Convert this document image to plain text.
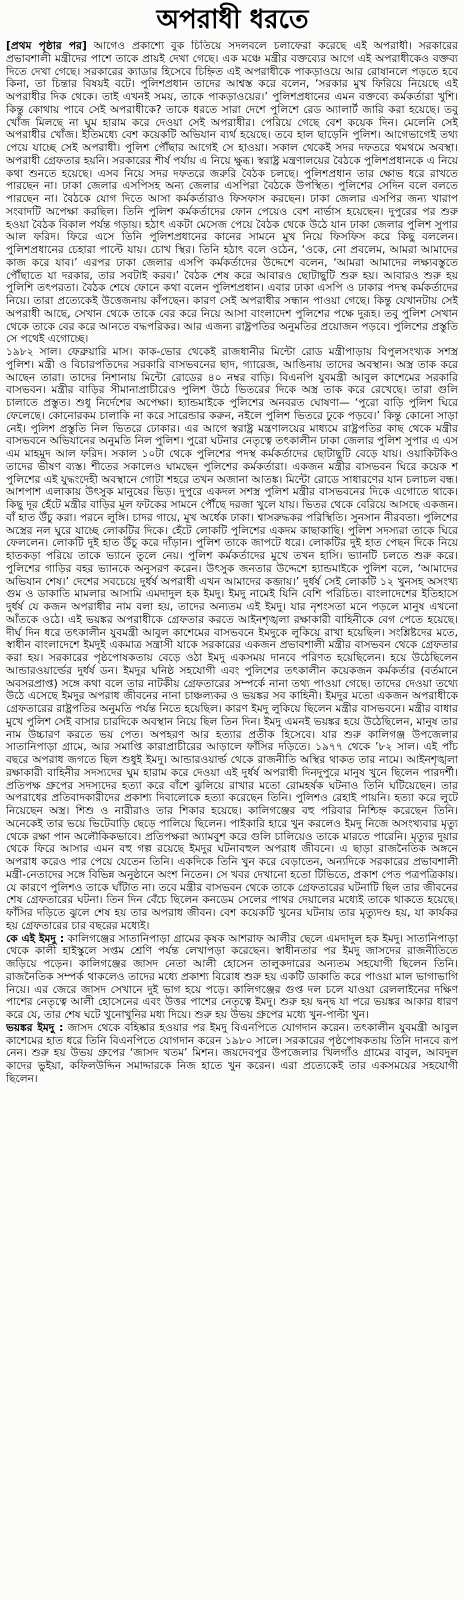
অপরাধী ধরতে

[প্রথম পৃষ্ঠার পর] আগেও প্রকাশ্যে বুক চিতিয়ে সদলবলে চলাফেরা করেছে এই অপরাধী। সরকারের প্রভাবশালী মন্ত্রীদের পাশে তাকে প্রায়ই দেখা গেছে। এক মঞ্চে মন্ত্রীর বক্তব্যের আগে এই অপরাধীকেও বক্তব্য দিতে দেখা গেছে। সরকারের ক্যাডার হিসেবে চিহ্নিত এই অপরাধীকে পাকড়াওয়ে আর রোষানলে পড়তে হবে কিনা, তা চিন্তার বিষয়ই বটে। পুলিশপ্রধান তাদের আশ্বস্ত করে বলেন, ‘সরকার মুখ ফিরিয়ে নিয়েছে এই অপরাধীর দিক থেকে। তাই এখনই সময়, তাকে পাকড়াওয়ের।’ পুলিশপ্রধানের এমন বক্তব্যে কর্মকর্তারা খুশি। কিন্তু কোথায় পাবে সেই অপরাধীকে? তাকে ধরতে সারা দেশে পুলিশে রেড অ্যালার্ট জারি করা হয়েছে। তবু খোঁজ মিলছে না ঘুম হারাম করে দেওয়া সেই অপরাধীর। পেরিয়ে গেছে বেশ কয়েক দিন। মেলেনি সেই অপরাধীর খোঁজ। ইতিমধ্যে বেশ কয়েকটি অভিযান ব্যর্থ হয়েছে। তবে হাল ছাড়েনি পুলিশ। আগেভাগেই তথ্য পেয়ে যাচ্ছে সেই অপরাধী। পুলিশ পৌঁছার আগেই সে হাওয়া। সকাল থেকেই সদর দফতরে থমথমে অবস্থা। অপরাধী গ্রেফতার হয়নি। সরকারের শীর্ষ পর্যায় এ নিয়ে ক্ষুব্ধ। স্বরাষ্ট্র মন্ত্রণালয়ের বৈঠকে পুলিশপ্রধানকে এ নিয়ে কথা শুনতে হয়েছে। এসব নিয়ে সদর দফতরে জরুরি বৈঠক চলছে। পুলিশপ্রধান তার ক্ষোভ ধরে রাখতে পারছেন না। ঢাকা জেলার এসপিসহ অন্য জেলার এসপিরা বৈঠকে উপস্থিত। পুলিশের সেদিন বলে বলতে পারছেন না। বৈঠকে যোগ দিতে আসা কর্মকর্তারাও ফিসফাস করছেন। ঢাকা জেলার এসপির জন্য খারাপ সংবাদটি অপেক্ষা করছিল। তিনি পুলিশ কর্মকর্তাদের ফোন পেয়েও বেশ নার্ভাস হয়েছেন। দুপুরের পর শুরু হওয়া বৈঠক বিকাল পর্যন্ত গড়ায়। হঠাৎ একটা মেসেজ পেয়ে বৈঠক থেকে উঠে যান ঢাকা জেলার পুলিশ সুপার আল ফরিদ। ফিরে এসে তিনি পুলিশপ্রধানের কানের সামনে মুখ নিয়ে ফিসফিস করে কিছু বললেন। পুলিশপ্রধানের চেহারা পাল্টে যায়। চোখ স্থির। তিনি হঠাৎ বলে ওঠেন, ‘ওকে, নো প্রবলেম, আমরা আমাদের কাজ করে যাব।’ এরপর ঢাকা জেলার এসপি কর্মকর্তাদের উদ্দেশে বলেন, ‘আমরা আমাদের লক্ষ্যবস্তুতে পৌঁছাতে যা দরকার, তার সবটাই করব।’ বৈঠক শেষ করে আবারও ছোটাছুটি শুরু হয়। আবারও শুরু হয় পুলিশি তৎপরতা। বৈঠক শেষে ফোনে কথা বলেন পুলিশপ্রধান। এবার ঢাকা এসপি ও ঢাকার পদস্থ কর্মকর্তাদের নিয়ে। তারা প্রত্যেকেই উত্তেজনায় কাঁপছেন। কারণ সেই অপরাধীর সন্ধান পাওয়া গেছে। কিন্তু যেখানটায় সেই অপরাধী আছে, সেখান থেকে তাকে বের করে নিয়ে আসা বাংলাদেশ পুলিশের পক্ষে দুরূহ। তবু পুলিশ সেখান থেকে তাকে বের করে আনতে বদ্ধপরিকর। আর এজন্য রাষ্ট্রপতির অনুমতির প্রয়োজন পড়বে। পুলিশের প্রস্তুতি সে পথেই এগোচ্ছে।

১৯৮২ সাল। ফেব্রুয়ারি মাস। কাক-ভোর থেকেই রাজধানীর মিন্টো রোড মন্ত্রীপাড়ায় বিপুলসংখ্যক সশস্ত্র পুলিশ। মন্ত্রী ও বিচারপতিদের সরকারি বাসভবনের ছাদ, গ্যারেজ, আঙিনায় তাদের অবস্থান। অস্ত্র তাক করে আছেন তারা। তাদের নিশানায় মিন্টো রোডের ৪০ নম্বর বাড়ি। বিএনপি যুবমন্ত্রী আবুল কাশেমের সরকারি বাসভবন। মন্ত্রীর বাড়ির সীমানাপ্রাচীরেও পুলিশ উঠে ভিতরের দিকে অস্ত্র তাক করে রেখেছে। তারা গুলি চালাতে প্রস্তুত। শুধু নির্দেশের অপেক্ষা। হ্যান্ডমাইকে পুলিশের অনবরত ঘোষণা— ‘পুরো বাড়ি পুলিশ ঘিরে ফেলেছে। কোনোরকম চালাকি না করে সারেন্ডার করুন, নইলে পুলিশ ভিতরে ঢুকে পড়বে।’ কিন্তু কোনো সাড়া নেই। পুলিশ প্রস্তুতি নিল ভিতরে ঢোকার। এর আগে স্বরাষ্ট্র মন্ত্রণালয়ের মাধ্যমে রাষ্ট্রপতির কাছ থেকে মন্ত্রীর বাসভবনে অভিযানের অনুমতি নিল পুলিশ। পুরো ঘটনার নেতৃত্বে তৎকালীন ঢাকা জেলার পুলিশ সুপার এ এস এম মাহমুদ আল ফরিদ। সকাল ১০টা থেকে পুলিশের পদস্থ কর্মকর্তাদের ছোটাছুটি বেড়ে যায়। ওয়াকিটকিও তাদের ভীষণ ব্যস্ত। শীতের সকালেও ঘামছেন পুলিশের কর্মকর্তারা। একজন মন্ত্রীর বাসভবন ঘিরে কয়েক শ পুলিশের এই যুদ্ধংদেহী অবস্থানে গোটা শহরে তখন অজানা আতঙ্ক। মিন্টো রোডে সাধারণের যান চলাচল বন্ধ। আশপাশ এলাকায় উৎসুক মানুষের ভিড়। দুপুরে একদল সশস্ত্র পুলিশ মন্ত্রীর বাসভবনের দিকে এগোতে থাকে। কিছু দূর হেঁটে মন্ত্রীর বাড়ির মূল ফটকের সামনে পৌঁছে দরজা খুলে যায়। ভিতর থেকে বেরিয়ে আসছে একজন। বাঁ হাত উঁচু করা। পরনে লুঙ্গি। চাদর গায়ে, মুখ অর্ধেক ঢাকা। শ্বাসরুদ্ধকর পরিস্থিতি। সুনসান নীরবতা। পুলিশের অস্ত্রের নল ঘুরে যাচ্ছে লোকটির দিকে। হেঁটে লোকটি পুলিশের একদম কাছাকাছি। পুলিশ সদস্যরা তাকে ঘিরে ফেললেন। লোকটি দুই হাত উঁচু করে দাঁড়ান। পুলিশ তাকে জাপটে ধরে। লোকটির দুই হাত পেছন দিকে নিয়ে হাতকড়া পরিয়ে তাকে ভ্যানে তুলে নেয়। পুলিশ কর্মকর্তাদের মুখে তখন হাসি। ভ্যানটি চলতে শুরু করে। পুলিশের গাড়ির বহর ভ্যানকে অনুসরণ করেন। উৎসুক জনতার উদ্দেশে হ্যান্ডমাইকে পুলিশ বলে, ‘আমাদের অভিযান শেষ।’ দেশের সবচেয়ে দুর্ধর্ষ অপরাধী এখন আমাদের কব্জায়।’ দুর্ধর্ষ সেই লোকটি ১২ খুনসহ অসংখ্য গুম ও ডাকাতি মামলার আসামি এমদাদুল হক ইমদু। ইমদু নামেই যিনি বেশি পরিচিত। বাংলাদেশের ইতিহাসে দুর্ধর্ষ যে কজন অপরাধীর নাম বলা হয়, তাদের অন্যতম এই ইমদু। যার নৃশংসতা মনে পড়লে মানুষ এখনো আঁতকে ওঠে। এই ভয়ঙ্কর অপরাধীকে গ্রেফতার করতে আইনশৃঙ্খলা রক্ষাকারী বাহিনীকে বেগ পেতে হয়েছে। দীর্ঘ দিন ধরে তৎকালীন যুবমন্ত্রী আবুল কাশেমের বাসভবনে ইমদুকে লুকিয়ে রাখা হয়েছিল। সংশ্লিষ্টদের মতে, স্বাধীন বাংলাদেশে ইমদুই একমাত্র সন্ত্রাসী যাকে সরকারের একজন প্রভাবশালী মন্ত্রীর বাসভবন থেকে গ্রেফতার করা হয়। সরকারের পৃষ্ঠপোষকতায় বেড়ে ওঠা ইমদু একসময় দানবে পরিণত হয়েছিলেন। হয়ে উঠেছিলেন আন্ডারওয়ার্ল্ডের দুর্ধর্ষ ডন। ইমদুর ঘনিষ্ঠ সহযোগী এবং পুলিশের তৎকালীন কয়েকজন কর্মকর্তার (বর্তমানে অবসরপ্রাপ্ত) সঙ্গে কথা বলে তার নাটকীয় গ্রেফতারের সম্পর্কে নানা তথ্য পাওয়া গেছে। তাদের দেওয়া তথ্যে উঠে এসেছে ইমদুর অপরাধ জীবনের নানা চাঞ্চল্যকর ও ভয়ঙ্কর সব কাহিনী। ইমদুর মতো একজন অপরাধীকে গ্রেফতারের রাষ্ট্রপতির অনুমতি পর্যন্ত নিতে হয়েছিল। কারণ ইমদু লুকিয়ে ছিলেন মন্ত্রীর বাসভবনে। মন্ত্রীর বাধার মুখে পুলিশ সেই বাসার চারদিকে অবস্থান নিয়ে ছিল তিন দিন। ইমদু এমনই ভয়ঙ্কর হয়ে উঠেছিলেন, মানুষ তার নাম উচ্চারণ করতে ভয় পেত। অপহরণ আর হত্যার প্রতীক হিসেবে। যার শুরু কালিগঞ্জ উপজেলার সাতানিপাড়া গ্রামে, আর সমাপ্তি কারাপ্রাচীরের আড়ালে ফাঁসির দড়িতে। ১৯৭৭ থেকে ’৮২ সাল। এই পাঁচ বছরে অপরাধ জগতে ছিল শুধুই ইমদু। আন্ডারওয়ার্ল্ড থেকে রাজনীতি অস্থির থাকত তার নামে। আইনশৃঙ্খলা রক্ষাকারী বাহিনীর সদস্যদের ঘুম হারাম করে দেওয়া এই দুর্ধর্ষ অপরাধী দিনদুপুরে মানুষ খুনে ছিলেন পারদর্শী। প্রতিপক্ষ গ্রুপের সদস্যদের হত্যা করে বাঁশে ঝুলিয়ে রাখার মতো রোমহর্ষক ঘটনাও তিনি ঘটিয়েছেন। তার অপরাধের প্রতিবাদকারীদের প্রকাশ্য দিবালোকে হত্যা করেছেন তিনি। পুলিশও রেহাই পায়নি। হত্যা করে লুটে নিয়েছেন অস্ত্র। শিশু ও নারীরাও তার শিকার হয়েছে। কালিগঞ্জের বহু পরিবার নিশ্চিহ্ন করেছেন তিনি। অনেকেই তার ভয়ে ভিটেবাড়ি ছেড়ে পালিয়ে ছিলেন। পাইকারি হারে খুন করলেও ইমদু নিজে অসংখ্যবার মৃত্যু থেকে রক্ষা পান অলৌকিকভাবে। প্রতিপক্ষরা অ্যামবুশ করে গুলি চালিয়েও তাকে মারতে পারেনি। মৃত্যুর দুয়ার থেকে ফিরে আসার এমন বহু গল্প রয়েছে ইমদুর ঘটনাবহুল অপরাধ জীবনে। এ ছাড়া রাজনৈতিক অঙ্গনে অপরাধ করেও পার পেয়ে যেতেন তিনি। একদিকে তিনি খুন করে বেড়াতেন, অন্যদিকে সরকারের প্রভাবশালী মন্ত্রী-নেতাদের সঙ্গে বিভিন্ন অনুষ্ঠানে অংশ নিতেন। সে খবর দেখানো হতো টিভিতে, প্রকাশ পেত পত্রপত্রিকায়। যে কারণে পুলিশও তাকে ঘাঁটাত না। তবে মন্ত্রীর বাসভবন থেকে তাকে গ্রেফতারের ঘটনাটি ছিল তার জীবনের শেষ গ্রেফতারের ঘটনা। তিন দিন বেঁচে ছিলেন কনডেম সেলের পাথর দেয়ালের মধ্যেই তাকে থাকতে হয়েছে। ফাঁসির দড়িতে ঝুলে শেষ হয় তার অপরাধ জীবন। বেশ কয়েকটি খুনের ঘটনায় তার মৃত্যুদণ্ড হয়, যা কার্যকর হয় গ্রেফতারের চার বছরের মধ্যেই।

কে এই ইমদু : কালিগঞ্জের সাতানিপাড়া গ্রামের কৃষক আশরাফ আলীর ছেলে এমদাদুল হক ইমদু। সাতানিপাড়া থেকে কালী হাইস্কুলে সপ্তম শ্রেণি পর্যন্ত লেখাপড়া করেছেন। স্বাধীনতার পর ইমদু জাসদের রাজনীতিতে জড়িয়ে পড়েন। কালিগঞ্জের জাসদ নেতা আলী হোসেন তালুকদারের অন্যতম সহযোগী ছিলেন তিনি। রাজনৈতিক সম্পর্ক থাকলেও তাদের মধ্যে প্রকাশ্য বিরোধ শুরু হয় একটি ডাকাতি করে পাওয়া মাল ভাগাভাগি নিয়ে। এর জেরে জাসদ সেখানে দুই ভাগ হয়ে পড়ে। কালিগঞ্জের গুপ্ত দল চলে যাওয়া রেললাইনের দক্ষিণ পাশের নেতৃত্বে আলী হোসেনের এবং উত্তর পাশের নেতৃত্বে ইমদু। শুরু হয় দ্বন্দ্ব যা পরে ভয়ঙ্কর আকার ধারণ করে যে, তার শেষ ঘটে খুনোখুনির মধ্য দিয়ে। শুরু হয় উভয় গ্রুপের মধ্যে খুন-পাল্টা খুন।

ভয়ঙ্কর ইমদু : জাসদ থেকে বহিষ্কার হওয়ার পর ইমদু বিএনপিতে যোগদান করেন। তৎকালীন যুবমন্ত্রী আবুল কাশেমের হাত ধরে তিনি বিএনপিতে যোগদান করেন ১৯৮০ সালে। সরকারের পৃষ্ঠপোষকতায় তিনি দানবে রূপ নেন। শুরু হয় উভয় গ্রুপের ‘জাসদ খতম’ মিশন। জয়দেবপুর উপজেলার খিলগাঁও গ্রামের বাবুল, আবদুল কাদের ভুইয়া, কফিলউদ্দিন সমাদ্দারকে নিজ হাতে খুন করেন। এরা প্রত্যেকেই তার একসময়ের সহযোগী ছিলেন।
